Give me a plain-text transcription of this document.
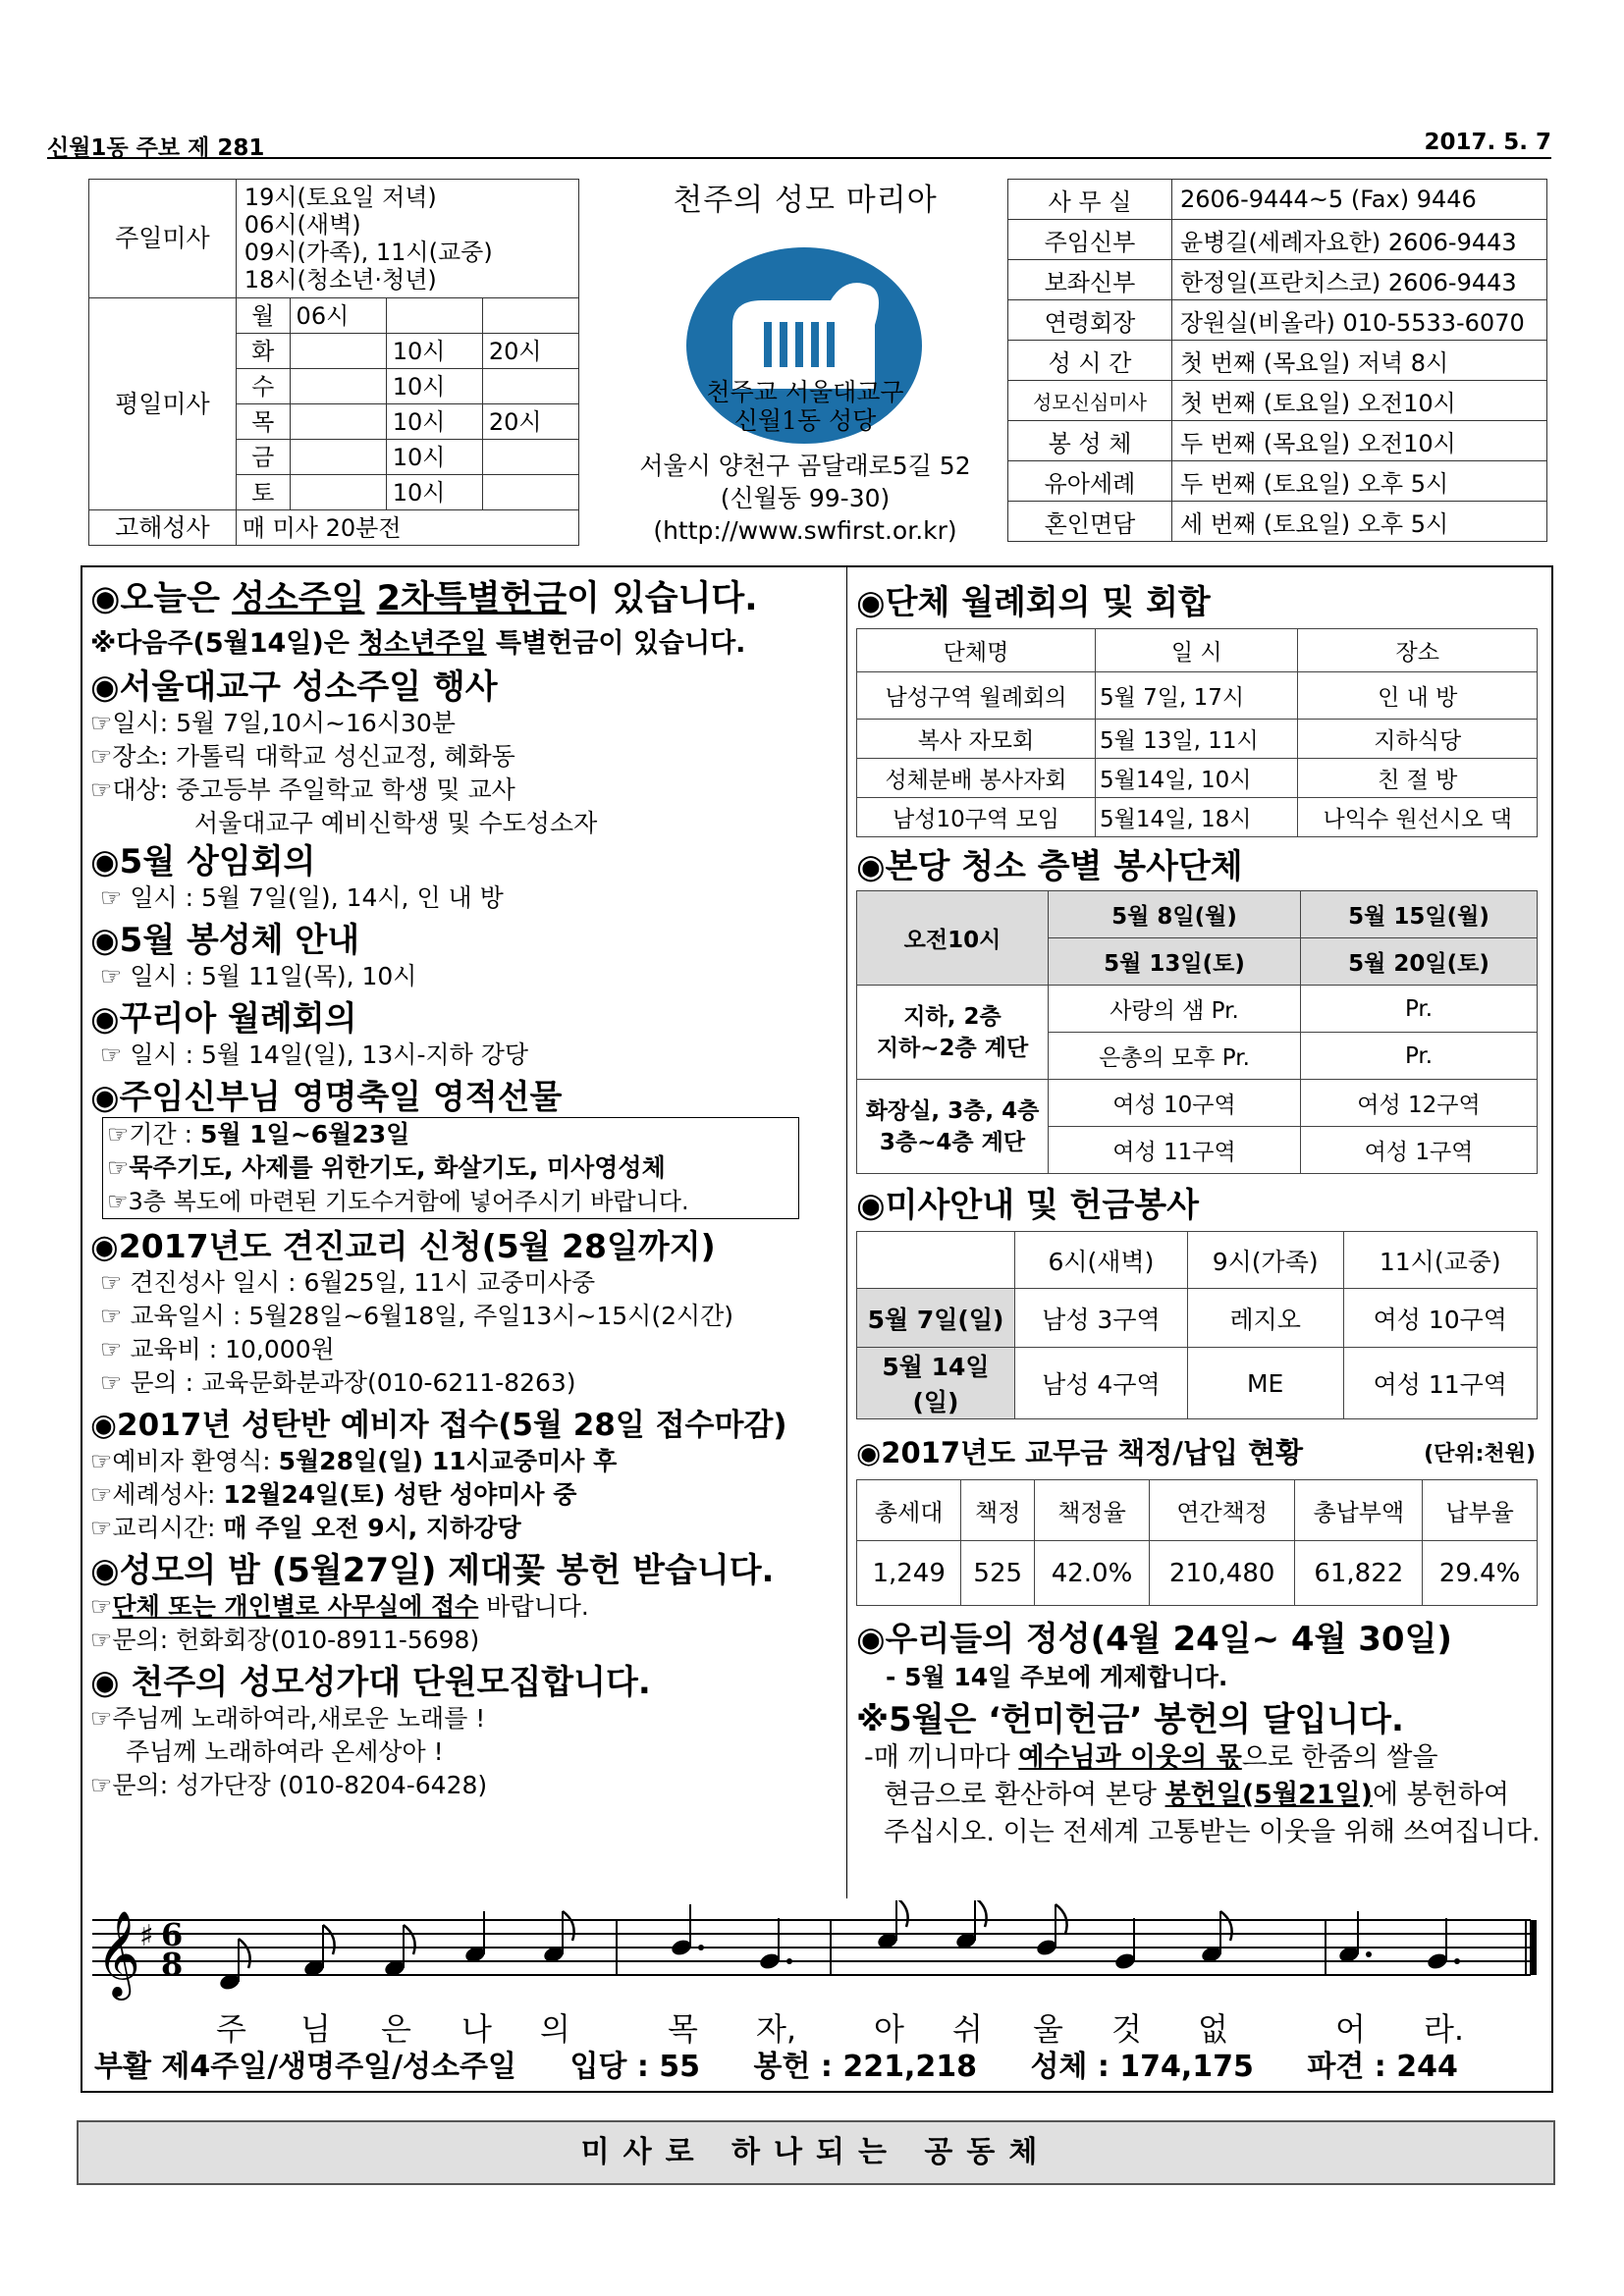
신월1동 주보 제 281	2017. 5. 7
주일미사	19시(토요일 저녁)
06시(새벽)
09시(가족), 11시(교중)
18시(청소년·청년)			

평일미사	월	06시		
	화		10시	20시
	수		10시	
	목		10시	20시
	금		10시	
	토		10시	
고해성사	매 미사 20분전			
천주의 성모 마리아
천주교 서울대교구
신월1동 성당
서울시 양천구 곰달래로5길 52
(신월동 99-30)
(http://www.swfirst.or.kr)
사 무 실	2606-9444~5 (Fax) 9446
주임신부	윤병길(세례자요한) 2606-9443
보좌신부	한정일(프란치스코) 2606-9443
연령회장	장원실(비올라) 010-5533-6070
성 시 간	첫 번째 (목요일) 저녁 8시
성모신심미사	첫 번째 (토요일) 오전10시
봉 성 체	두 번째 (목요일) 오전10시
유아세례	두 번째 (토요일) 오후 5시
혼인면담	세 번째 (토요일) 오후 5시
◉오늘은 성소주일 2차특별헌금이 있습니다.
※다음주(5월14일)은 청소년주일 특별헌금이 있습니다.
◉서울대교구 성소주일 행사
☞일시: 5월 7일,10시~16시30분
☞장소: 가톨릭 대학교 성신교정, 혜화동
☞대상: 중고등부 주일학교 학생 및 교사
서울대교구 예비신학생 및 수도성소자
◉5월 상임회의
☞ 일시 : 5월 7일(일), 14시, 인 내 방
◉5월 봉성체 안내
☞ 일시 : 5월 11일(목), 10시
◉꾸리아 월례회의
☞ 일시 : 5월 14일(일), 13시-지하 강당
◉주임신부님 영명축일 영적선물
☞기간 : 5월 1일~6월23일
☞묵주기도, 사제를 위한기도, 화살기도, 미사영성체
☞3층 복도에 마련된 기도수거함에 넣어주시기 바랍니다.
◉2017년도 견진교리 신청(5월 28일까지)
☞ 견진성사 일시 : 6월25일, 11시 교중미사중
☞ 교육일시 : 5월28일~6월18일, 주일13시~15시(2시간)
☞ 교육비 : 10,000원
☞ 문의 : 교육문화분과장(010-6211-8263)
◉2017년 성탄반 예비자 접수(5월 28일 접수마감)
☞예비자 환영식: 5월28일(일) 11시교중미사 후
☞세례성사: 12월24일(토) 성탄 성야미사 중
☞교리시간: 매 주일 오전 9시, 지하강당
◉성모의 밤 (5월27일) 제대꽃 봉헌 받습니다.
☞단체 또는 개인별로 사무실에 접수 바랍니다.
☞문의: 헌화회장(010-8911-5698)
◉ 천주의 성모성가대 단원모집합니다.
☞주님께 노래하여라,새로운 노래를 !
주님께 노래하여라 온세상아 !
☞문의: 성가단장 (010-8204-6428)
◉단체 월례회의 및 회합
단체명	일 시	장소
남성구역 월례회의	5월 7일, 17시	인 내 방
복사 자모회	5월 13일, 11시	지하식당
성체분배 봉사자회	5월14일, 10시	친 절 방
남성10구역 모임	5월14일, 18시	나익수 원선시오 댁
◉본당 청소 층별 봉사단체
오전10시	5월 8일(월)	5월 15일(월)
	5월 13일(토)	5월 20일(토)

지하, 2층
지하~2층 계단	사랑의 샘 Pr.	Pr.
	은총의 모후 Pr.	Pr.

화장실, 3층, 4층
3층~4층 계단	여성 10구역	여성 12구역
	여성 11구역	여성 1구역
◉미사안내 및 헌금봉사
	6시(새벽)	9시(가족)	11시(교중)
5월 7일(일)	남성 3구역	레지오	여성 10구역
5월 14일(일)	남성 4구역	ME	여성 11구역
◉2017년도 교무금 책정/납입 현황	(단위:천원)
총세대	책정	책정율	연간책정	총납부액	납부율
1,249	525	42.0%	210,480	61,822	29.4%
◉우리들의 정성(4월 24일~ 4월 30일)
- 5월 14일 주보에 게제합니다.
※5월은 ‘헌미헌금’ 봉헌의 달입니다.
-매 끼니마다 예수님과 이웃의 몫으로 한줌의 쌀을
현금으로 환산하여 본당 봉헌일(5월21일)에 봉헌하여
주십시오. 이는 전세계 고통받는 이웃을 위해 쓰여집니다.
𝄞 ♯ 6
8
주 님 은 나 의	목 자, 아 쉬 울 것 없	어 라.
부활 제4주일/생명주일/성소주일 입당 : 55 봉헌 : 221,218 성체 : 174,175 파견 : 244
미사로 하나되는 공동체
